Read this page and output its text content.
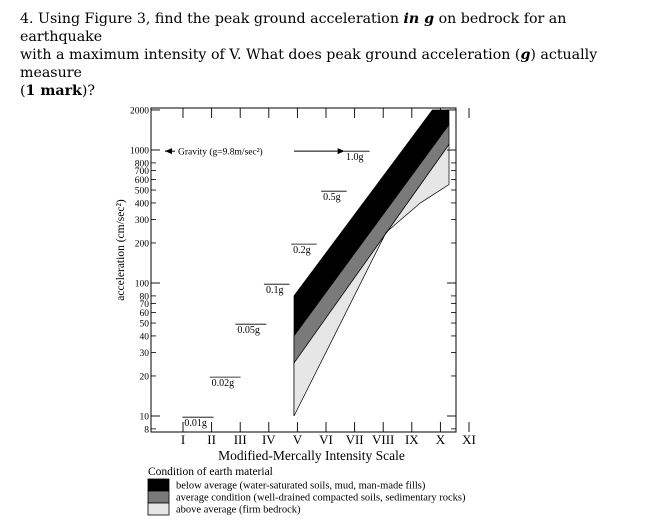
4. Using Figure 3, find the peak ground acceleration in g on bedrock for an earthquake

with a maximum intensity of V. What does peak ground acceleration (g) actually measure

(1 mark)?

0.01g
0.02g
0.05g
0.1g
0.2g
0.5g
1.0g
10
100
1000
2000
8
20
30
40
50
60
70
80
200
300
400
500
600
700
800
acceleration (cm/sec²)
I II III IV V VI VII VIII IX X XI
Modified-Mercally Intensity Scale
Gravity (g=9.8m/sec²)
Condition of earth material
below average (water-saturated soils, mud, man-made fills)
average condition (well-drained compacted soils, sedimentary rocks)
above average (firm bedrock)
